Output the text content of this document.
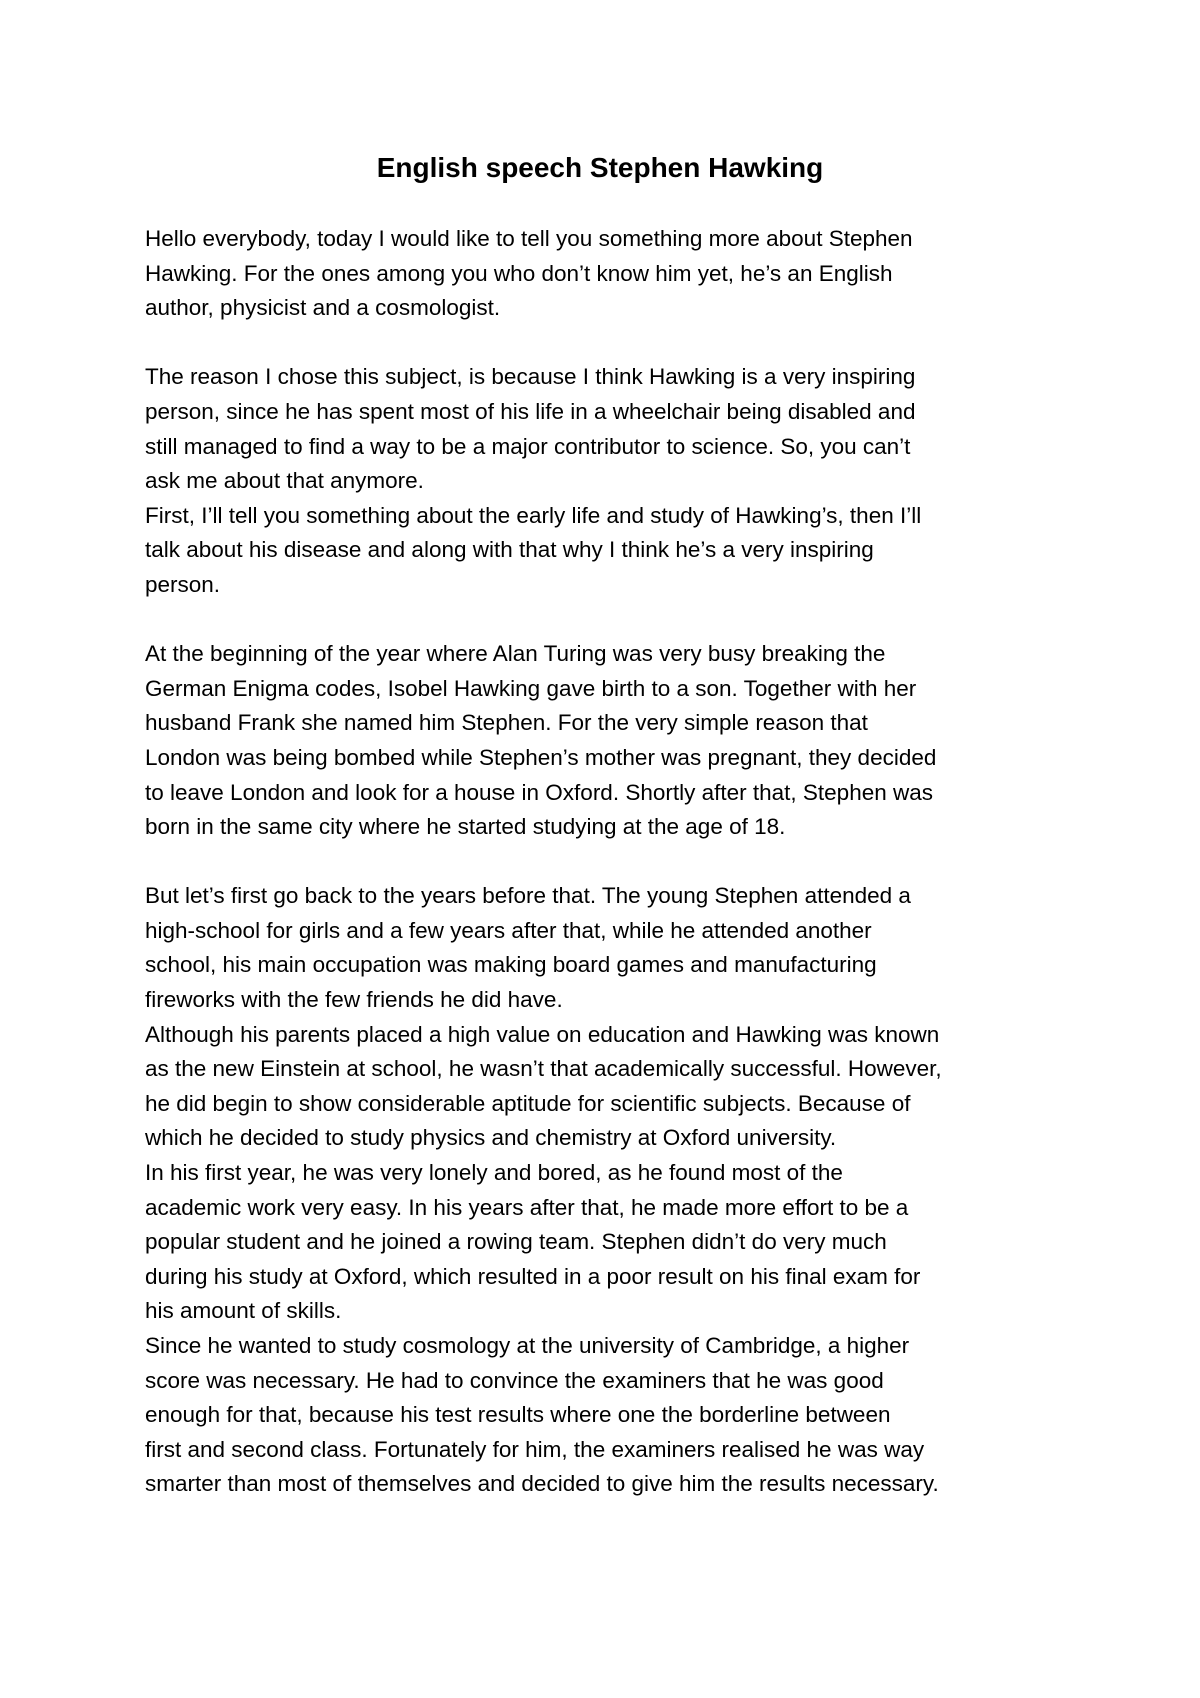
English speech Stephen Hawking
Hello everybody, today I would like to tell you something more about Stephen
Hawking. For the ones among you who don’t know him yet, he’s an English
author, physicist and a cosmologist.
The reason I chose this subject, is because I think Hawking is a very inspiring
person, since he has spent most of his life in a wheelchair being disabled and
still managed to find a way to be a major contributor to science. So, you can’t
ask me about that anymore.
First, I’ll tell you something about the early life and study of Hawking’s, then I’ll
talk about his disease and along with that why I think he’s a very inspiring
person.
At the beginning of the year where Alan Turing was very busy breaking the
German Enigma codes, Isobel Hawking gave birth to a son. Together with her
husband Frank she named him Stephen. For the very simple reason that
London was being bombed while Stephen’s mother was pregnant, they decided
to leave London and look for a house in Oxford. Shortly after that, Stephen was
born in the same city where he started studying at the age of 18.
But let’s first go back to the years before that. The young Stephen attended a
high-school for girls and a few years after that, while he attended another
school, his main occupation was making board games and manufacturing
fireworks with the few friends he did have.
Although his parents placed a high value on education and Hawking was known
as the new Einstein at school, he wasn’t that academically successful. However,
he did begin to show considerable aptitude for scientific subjects. Because of
which he decided to study physics and chemistry at Oxford university.
In his first year, he was very lonely and bored, as he found most of the
academic work very easy. In his years after that, he made more effort to be a
popular student and he joined a rowing team. Stephen didn’t do very much
during his study at Oxford, which resulted in a poor result on his final exam for
his amount of skills.
Since he wanted to study cosmology at the university of Cambridge, a higher
score was necessary. He had to convince the examiners that he was good
enough for that, because his test results where one the borderline between
first and second class. Fortunately for him, the examiners realised he was way
smarter than most of themselves and decided to give him the results necessary.
